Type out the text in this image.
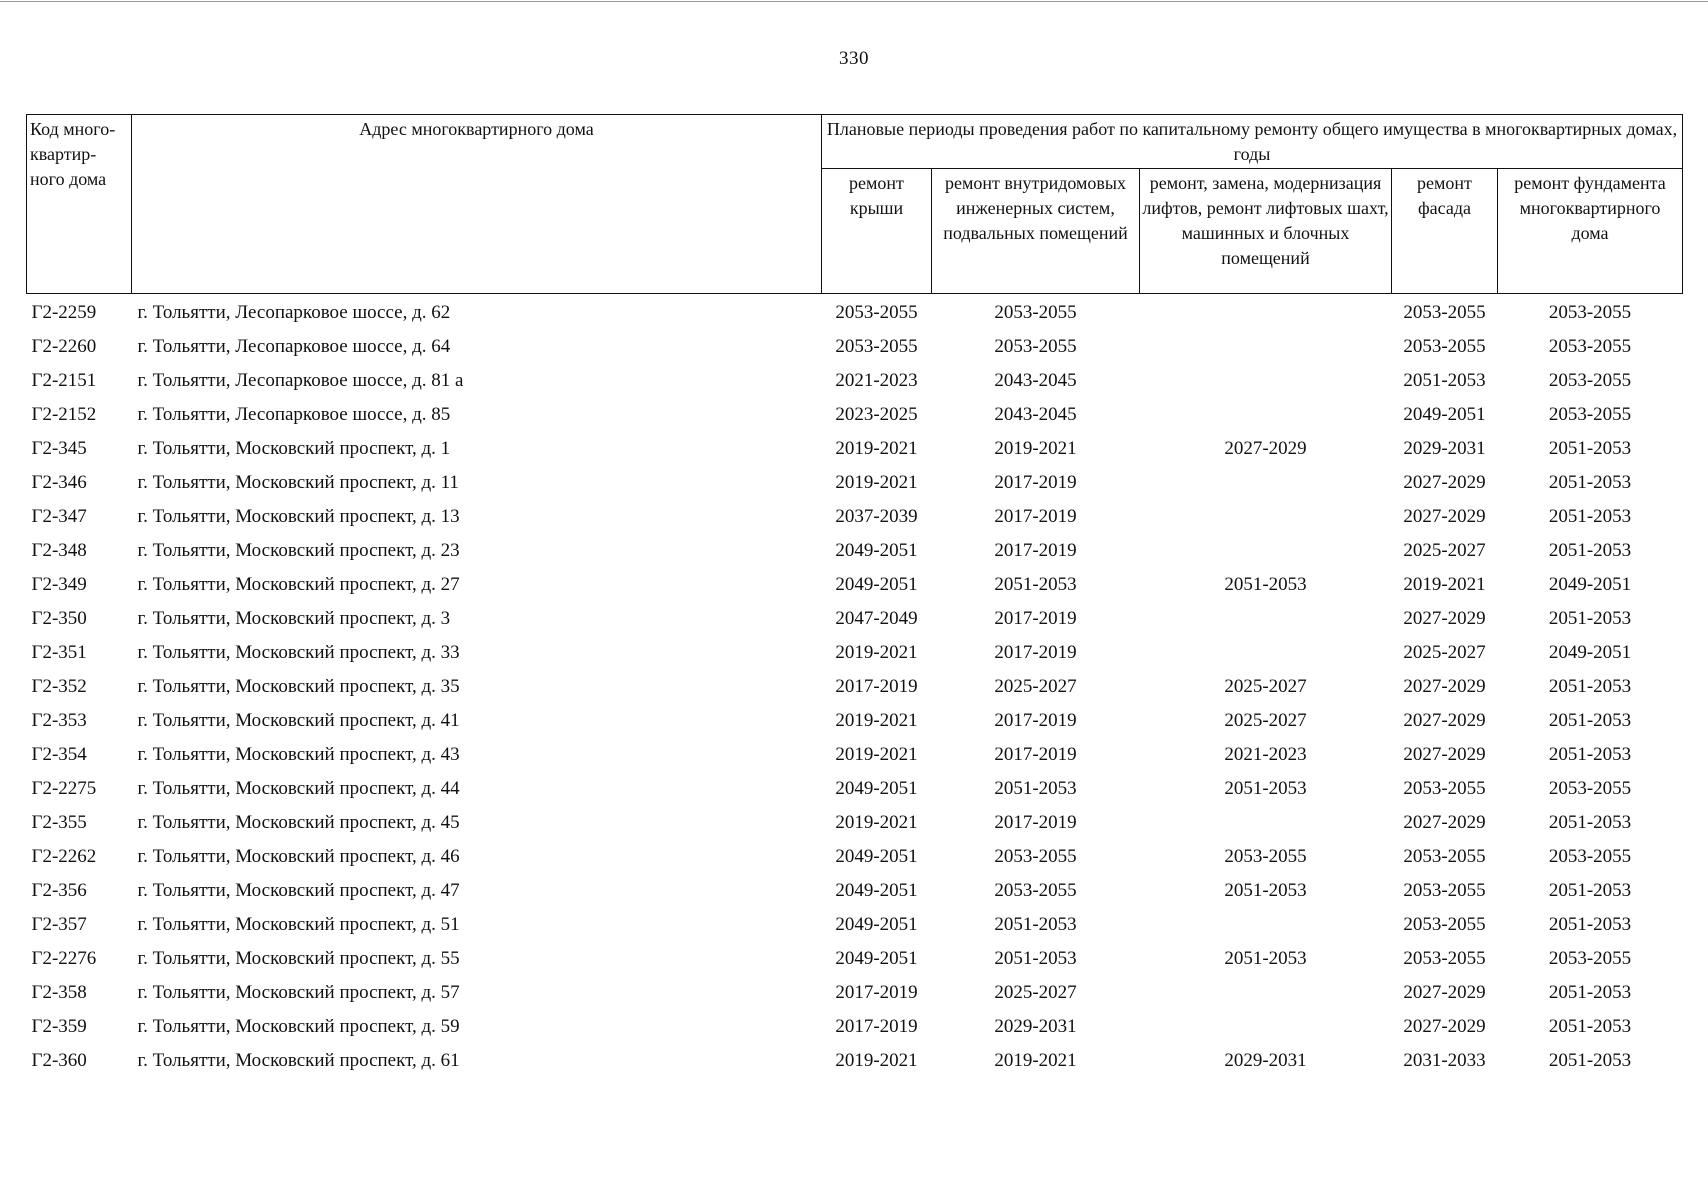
330
Код много-квартир-ного дома	Адрес многоквартирного дома	Плановые периоды проведения работ по капитальному ремонту общего имущества в многоквартирных домах, годы				
		ремонт крыши	ремонт внутридомовых инженерных систем, подвальных помещений	ремонт, замена, модернизация лифтов, ремонт лифтовых шахт, машинных и блочных помещений	ремонт фасада	ремонт фундамента многоквартирного дома
Г2-2259	г. Тольятти, Лесопарковое шоссе, д. 62	2053-2055	2053-2055		2053-2055	2053-2055
Г2-2260	г. Тольятти, Лесопарковое шоссе, д. 64	2053-2055	2053-2055		2053-2055	2053-2055
Г2-2151	г. Тольятти, Лесопарковое шоссе, д. 81 а	2021-2023	2043-2045		2051-2053	2053-2055
Г2-2152	г. Тольятти, Лесопарковое шоссе, д. 85	2023-2025	2043-2045		2049-2051	2053-2055
Г2-345	г. Тольятти, Московский проспект, д. 1	2019-2021	2019-2021	2027-2029	2029-2031	2051-2053
Г2-346	г. Тольятти, Московский проспект, д. 11	2019-2021	2017-2019		2027-2029	2051-2053
Г2-347	г. Тольятти, Московский проспект, д. 13	2037-2039	2017-2019		2027-2029	2051-2053
Г2-348	г. Тольятти, Московский проспект, д. 23	2049-2051	2017-2019		2025-2027	2051-2053
Г2-349	г. Тольятти, Московский проспект, д. 27	2049-2051	2051-2053	2051-2053	2019-2021	2049-2051
Г2-350	г. Тольятти, Московский проспект, д. 3	2047-2049	2017-2019		2027-2029	2051-2053
Г2-351	г. Тольятти, Московский проспект, д. 33	2019-2021	2017-2019		2025-2027	2049-2051
Г2-352	г. Тольятти, Московский проспект, д. 35	2017-2019	2025-2027	2025-2027	2027-2029	2051-2053
Г2-353	г. Тольятти, Московский проспект, д. 41	2019-2021	2017-2019	2025-2027	2027-2029	2051-2053
Г2-354	г. Тольятти, Московский проспект, д. 43	2019-2021	2017-2019	2021-2023	2027-2029	2051-2053
Г2-2275	г. Тольятти, Московский проспект, д. 44	2049-2051	2051-2053	2051-2053	2053-2055	2053-2055
Г2-355	г. Тольятти, Московский проспект, д. 45	2019-2021	2017-2019		2027-2029	2051-2053
Г2-2262	г. Тольятти, Московский проспект, д. 46	2049-2051	2053-2055	2053-2055	2053-2055	2053-2055
Г2-356	г. Тольятти, Московский проспект, д. 47	2049-2051	2053-2055	2051-2053	2053-2055	2051-2053
Г2-357	г. Тольятти, Московский проспект, д. 51	2049-2051	2051-2053		2053-2055	2051-2053
Г2-2276	г. Тольятти, Московский проспект, д. 55	2049-2051	2051-2053	2051-2053	2053-2055	2053-2055
Г2-358	г. Тольятти, Московский проспект, д. 57	2017-2019	2025-2027		2027-2029	2051-2053
Г2-359	г. Тольятти, Московский проспект, д. 59	2017-2019	2029-2031		2027-2029	2051-2053
Г2-360	г. Тольятти, Московский проспект, д. 61	2019-2021	2019-2021	2029-2031	2031-2033	2051-2053
